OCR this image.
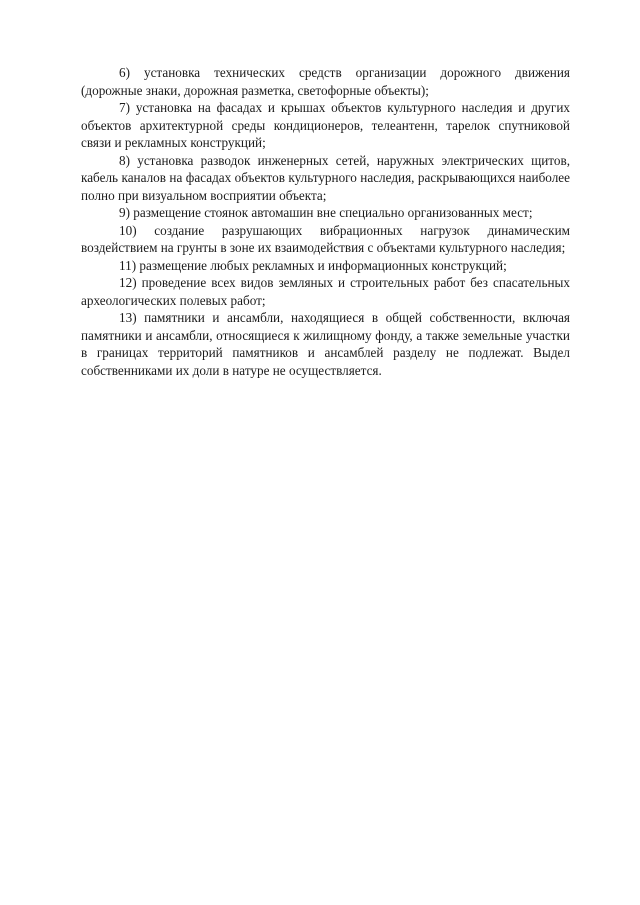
6) установка технических средств организации дорожного движения (дорожные знаки, дорожная разметка, светофорные объекты);

7) установка на фасадах и крышах объектов культурного наследия и других объектов архитектурной среды кондиционеров, телеантенн, тарелок спутниковой связи и рекламных конструкций;

8) установка разводок инженерных сетей, наружных электрических щитов, кабель каналов на фасадах объектов культурного наследия, раскрывающихся наиболее полно при визуальном восприятии объекта;

9) размещение стоянок автомашин вне специально организованных мест;

10) создание разрушающих вибрационных нагрузок динамическим воздействием на грунты в зоне их взаимодействия с объектами культурного наследия;

11) размещение любых рекламных и информационных конструкций;

12) проведение всех видов земляных и строительных работ без спасательных археологических полевых работ;

13) памятники и ансамбли, находящиеся в общей собственности, включая памятники и ансамбли, относящиеся к жилищному фонду, а также земельные участки в границах территорий памятников и ансамблей разделу не подлежат. Выдел собственниками их доли в натуре не осуществляется.
